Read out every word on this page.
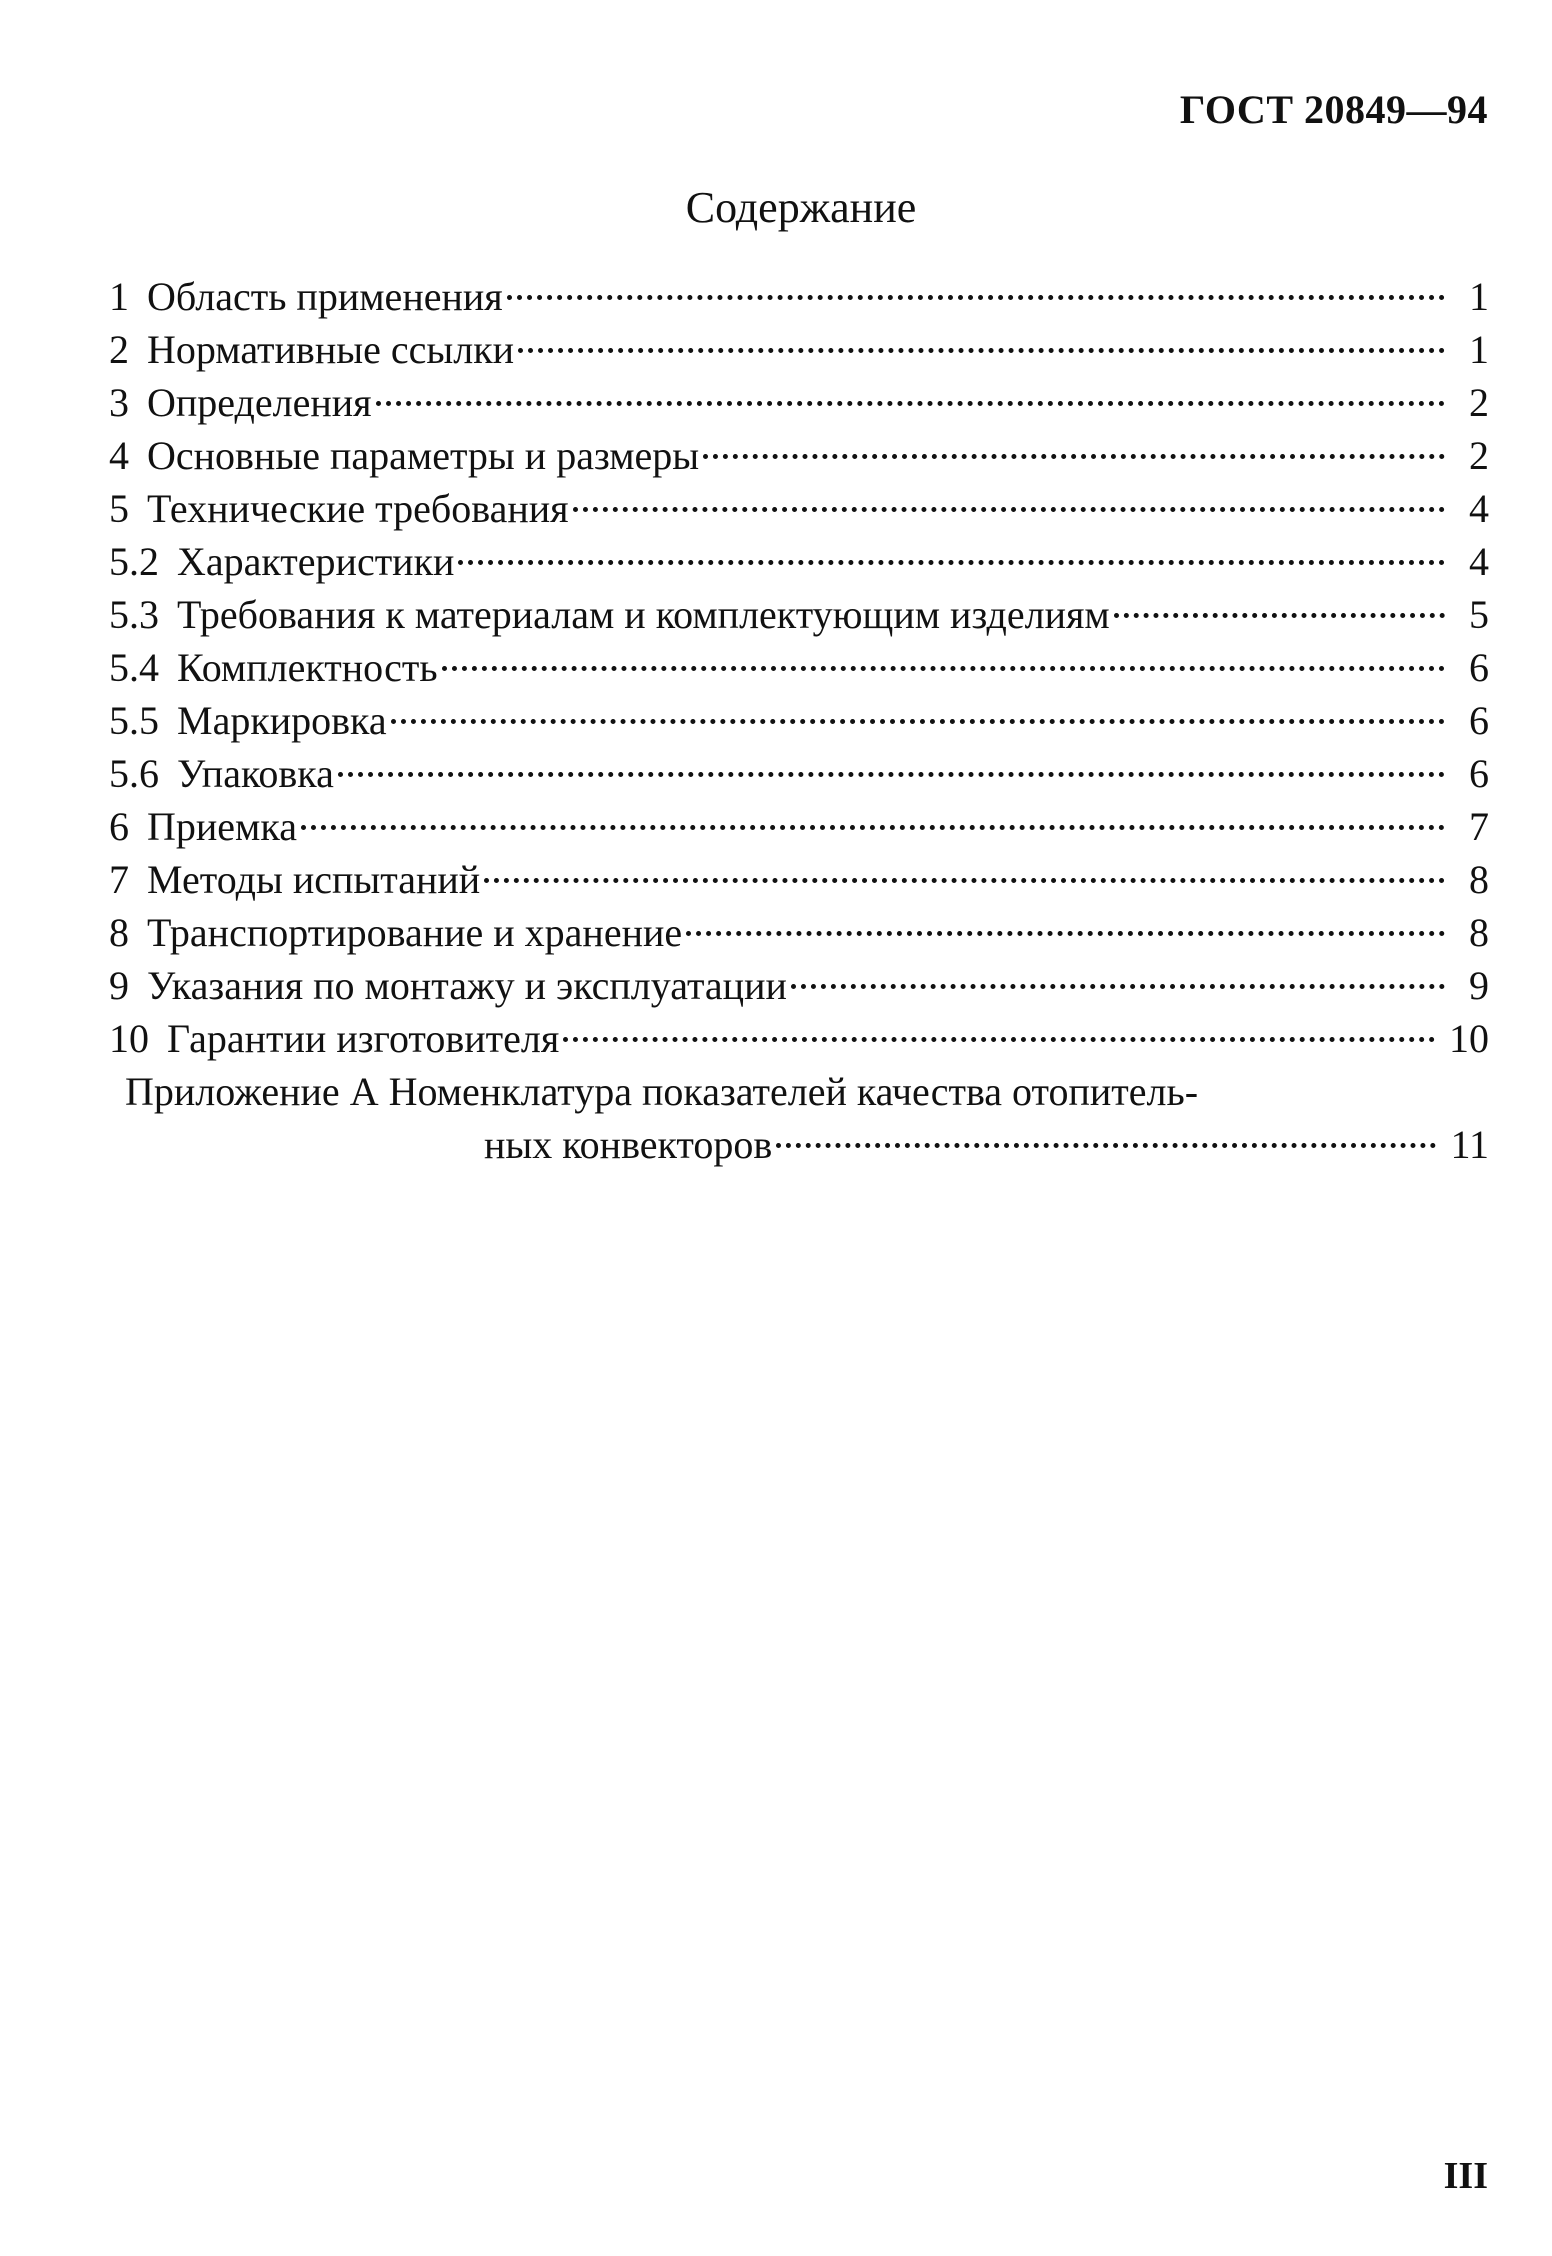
ГОСТ 20849—94
Содержание
1 Область применения	1
2 Нормативные ссылки	1
3 Определения	2
4 Основные параметры и размеры	2
5 Технические требования	4
5.2 Характеристики	4
5.3 Требования к материалам и комплектующим изделиям	5
5.4 Комплектность	6
5.5 Маркировка	6
5.6 Упаковка	6
6 Приемка	7
7 Методы испытаний	8
8 Транспортирование и хранение	8
9 Указания по монтажу и эксплуатации	9
10 Гарантии изготовителя	10
Приложение А Номенклатура показателей качества отопитель-
ных конвекторов	11
III
